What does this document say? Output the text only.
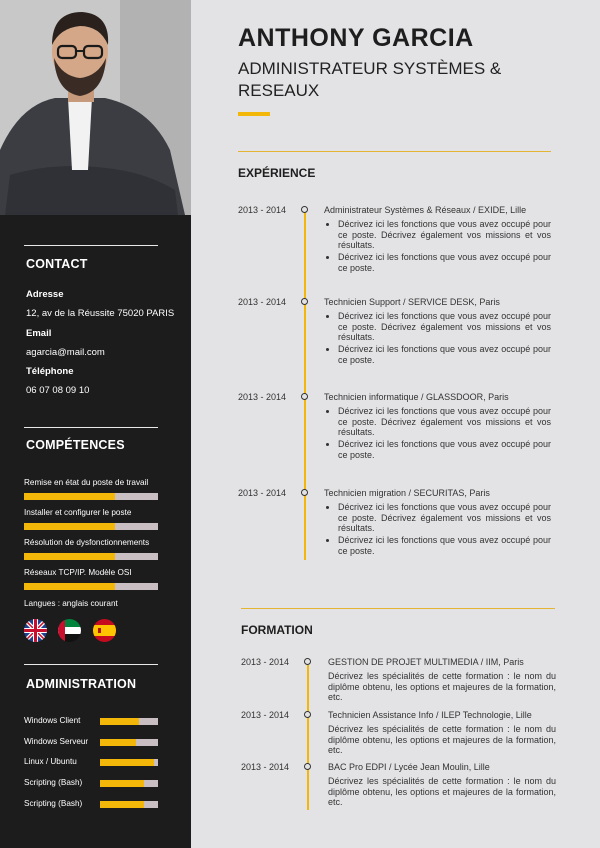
CONTACT
Adresse
12, av de la Réussite 75020 PARIS
Email
agarcia@mail.com
Téléphone
06 07 08 09 10
COMPÉTENCES
Remise en état du poste de travail
Installer et configurer le poste
Résolution de dysfonctionnements
Réseaux TCP/IP. Modèle OSI
Langues : anglais courant
ADMINISTRATION
Windows Client
Windows Serveur
Linux / Ubuntu
Scripting (Bash)
Scripting (Bash)
ANTHONY GARCIA
ADMINISTRATEUR SYSTÈMES & RESEAUX
EXPÉRIENCE
2013 - 2014	Administrateur Systèmes & Réseaux / EXIDE, Lille
• Décrivez ici les fonctions que vous avez occupé pour ce poste. Décrivez également vos missions et vos résultats.
• Décrivez ici les fonctions que vous avez occupé pour ce poste.
2013 - 2014	Technicien Support / SERVICE DESK, Paris
• Décrivez ici les fonctions que vous avez occupé pour ce poste. Décrivez également vos missions et vos résultats.
• Décrivez ici les fonctions que vous avez occupé pour ce poste.
2013 - 2014	Technicien informatique / GLASSDOOR, Paris
• Décrivez ici les fonctions que vous avez occupé pour ce poste. Décrivez également vos missions et vos résultats.
• Décrivez ici les fonctions que vous avez occupé pour ce poste.
2013 - 2014	Technicien migration / SECURITAS, Paris
• Décrivez ici les fonctions que vous avez occupé pour ce poste. Décrivez également vos missions et vos résultats.
• Décrivez ici les fonctions que vous avez occupé pour ce poste.
FORMATION
2013 - 2014	GESTION DE PROJET MULTIMEDIA / IIM, Paris
Décrivez les spécialités de cette formation : le nom du diplôme obtenu, les options et majeures de la formation, etc.
2013 - 2014	Technicien Assistance Info / ILEP Technologie, Lille
Décrivez les spécialités de cette formation : le nom du diplôme obtenu, les options et majeures de la formation, etc.
2013 - 2014	BAC Pro EDPI / Lycée Jean Moulin, Lille
Décrivez les spécialités de cette formation : le nom du diplôme obtenu, les options et majeures de la formation, etc.
